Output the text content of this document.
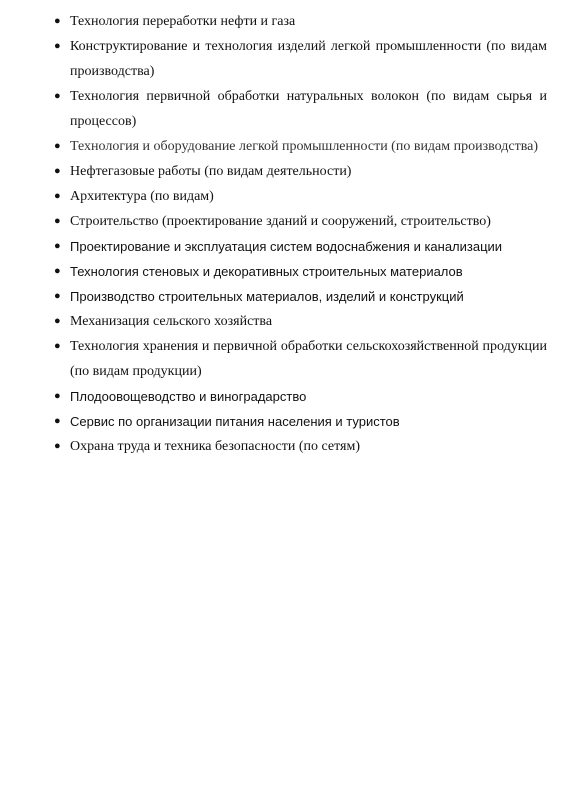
● Технология переработки нефти и газа
● Конструктирование и технология изделий легкой промышленности (по видам производства)
● Технология первичной обработки натуральных волокон (по видам сырья и процессов)
● Технология и оборудование легкой промышленности (по видам производства)
● Нефтегазовые работы (по видам деятельности)
● Архитектура (по видам)
● Строительство (проектирование зданий и сооружений, строительство)
● Проектирование и эксплуатация систем водоснабжения и канализации
● Технология стеновых и декоративных строительных материалов
● Производство строительных материалов, изделий и конструкций
● Механизация сельского хозяйства
● Технология хранения и первичной обработки сельскохозяйственной продукции (по видам продукции)
● Плодоовощеводство и виноградарство
● Сервис по организации питания населения и туристов
● Охрана труда и техника безопасности (по сетям)
